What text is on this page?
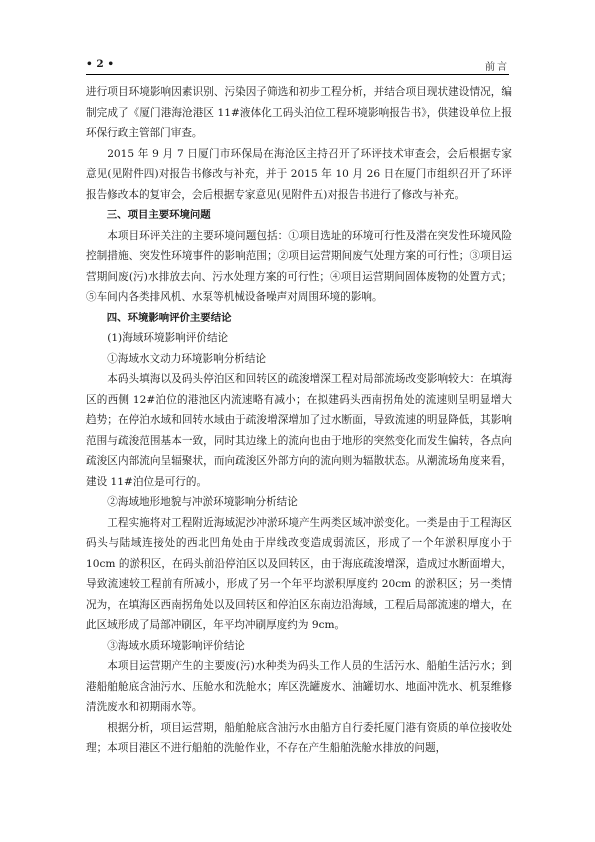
• 2 •	前言

进行项目环境影响因素识别、污染因子筛选和初步工程分析，并结合项目现状建设情况，编制完成了《厦门港海沧港区 11#液体化工码头泊位工程环境影响报告书》，供建设单位上报环保行政主管部门审查。

2015 年 9 月 7 日厦门市环保局在海沧区主持召开了环评技术审查会，会后根据专家意见(见附件四)对报告书修改与补充，并于 2015 年 10 月 26 日在厦门市组织召开了环评报告修改本的复审会，会后根据专家意见(见附件五)对报告书进行了修改与补充。

三、项目主要环境问题

本项目环评关注的主要环境问题包括：①项目选址的环境可行性及潜在突发性环境风险控制措施、突发性环境事件的影响范围；②项目运营期间废气处理方案的可行性；③项目运营期间废(污)水排放去向、污水处理方案的可行性；④项目运营期间固体废物的处置方式；⑤车间内各类排风机、水泵等机械设备噪声对周围环境的影响。

四、环境影响评价主要结论

(1)海域环境影响评价结论

①海域水文动力环境影响分析结论

本码头填海以及码头停泊区和回转区的疏浚增深工程对局部流场改变影响较大：在填海区的西侧 12#泊位的港池区内流速略有减小；在拟建码头西南拐角处的流速则呈明显增大趋势；在停泊水域和回转水域由于疏浚增深增加了过水断面，导致流速的明显降低，其影响范围与疏浚范围基本一致，同时其边缘上的流向也由于地形的突然变化而发生偏转，各点向疏浚区内部流向呈辐聚状，而向疏浚区外部方向的流向则为辐散状态。从潮流场角度来看，建设 11#泊位是可行的。

②海域地形地貌与冲淤环境影响分析结论

工程实施将对工程附近海域泥沙冲淤环境产生两类区域冲淤变化。一类是由于工程海区码头与陆域连接处的西北凹角处由于岸线改变造成弱流区，形成了一个年淤积厚度小于 10cm 的淤积区，在码头前沿停泊区以及回转区，由于海底疏浚增深，造成过水断面增大，导致流速较工程前有所减小，形成了另一个年平均淤积厚度约 20cm 的淤积区；另一类情况为，在填海区西南拐角处以及回转区和停泊区东南边沿海域，工程后局部流速的增大，在此区域形成了局部冲刷区，年平均冲刷厚度约为 9cm。

③海域水质环境影响评价结论

本项目运营期产生的主要废(污)水种类为码头工作人员的生活污水、船舶生活污水；到港船舶舱底含油污水、压舱水和洗舱水；库区洗罐废水、油罐切水、地面冲洗水、机泵维修清洗废水和初期雨水等。

根据分析，项目运营期，船舶舱底含油污水由船方自行委托厦门港有资质的单位接收处理；本项目港区不进行船舶的洗舱作业，不存在产生船舶洗舱水排放的问题，
